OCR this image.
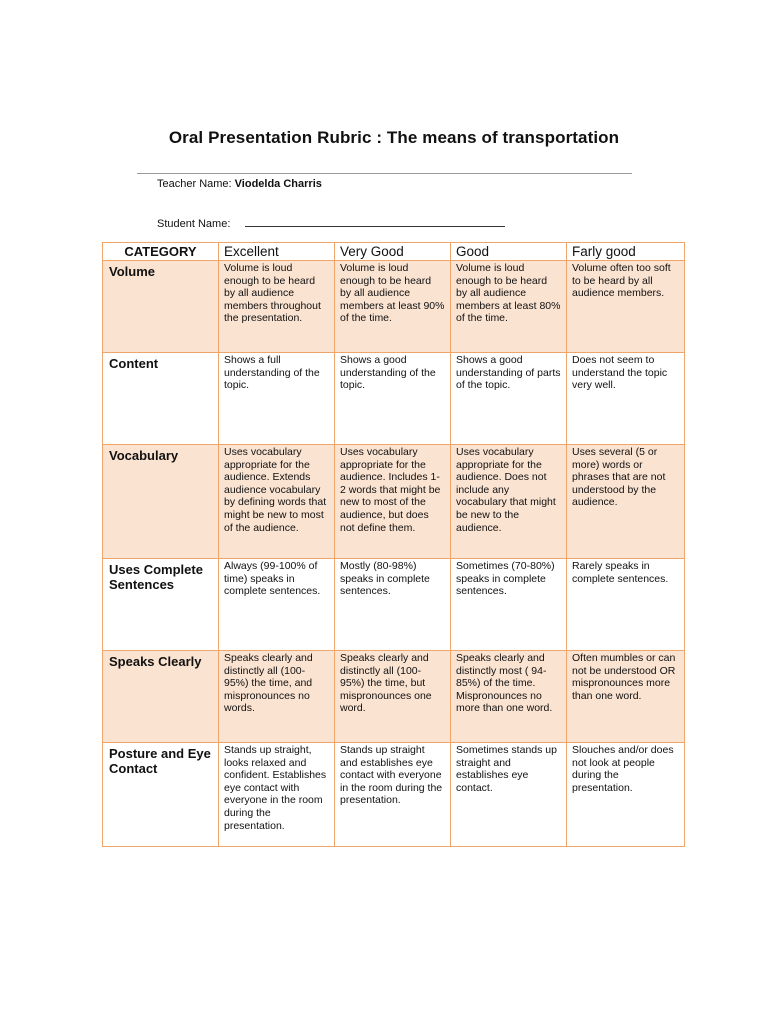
Oral Presentation Rubric : The means of transportation
Teacher Name: Viodelda Charris
Student Name:
CATEGORY	Excellent	Very Good	Good	Farly good
Volume	Volume is loud enough to be heard by all audience members throughout the presentation.	Volume is loud enough to be heard by all audience members at least 90% of the time.	Volume is loud enough to be heard by all audience members at least 80% of the time.	Volume often too soft to be heard by all audience members.
Content	Shows a full understanding of the topic.	Shows a good understanding of the topic.	Shows a good understanding of parts of the topic.	Does not seem to understand the topic very well.
Vocabulary	Uses vocabulary appropriate for the audience. Extends audience vocabulary by defining words that might be new to most of the audience.	Uses vocabulary appropriate for the audience. Includes 1-2 words that might be new to most of the audience, but does not define them.	Uses vocabulary appropriate for the audience. Does not include any vocabulary that might be new to the audience.	Uses several (5 or more) words or phrases that are not understood by the audience.
Uses Complete Sentences	Always (99-100% of time) speaks in complete sentences.	Mostly (80-98%) speaks in complete sentences.	Sometimes (70-80%) speaks in complete sentences.	Rarely speaks in complete sentences.
Speaks Clearly	Speaks clearly and distinctly all (100-95%) the time, and mispronounces no words.	Speaks clearly and distinctly all (100-95%) the time, but mispronounces one word.	Speaks clearly and distinctly most ( 94-85%) of the time. Mispronounces no more than one word.	Often mumbles or can not be understood OR mispronounces more than one word.
Posture and Eye Contact	Stands up straight, looks relaxed and confident. Establishes eye contact with everyone in the room during the presentation.	Stands up straight and establishes eye contact with everyone in the room during the presentation.	Sometimes stands up straight and establishes eye contact.	Slouches and/or does not look at people during the presentation.
